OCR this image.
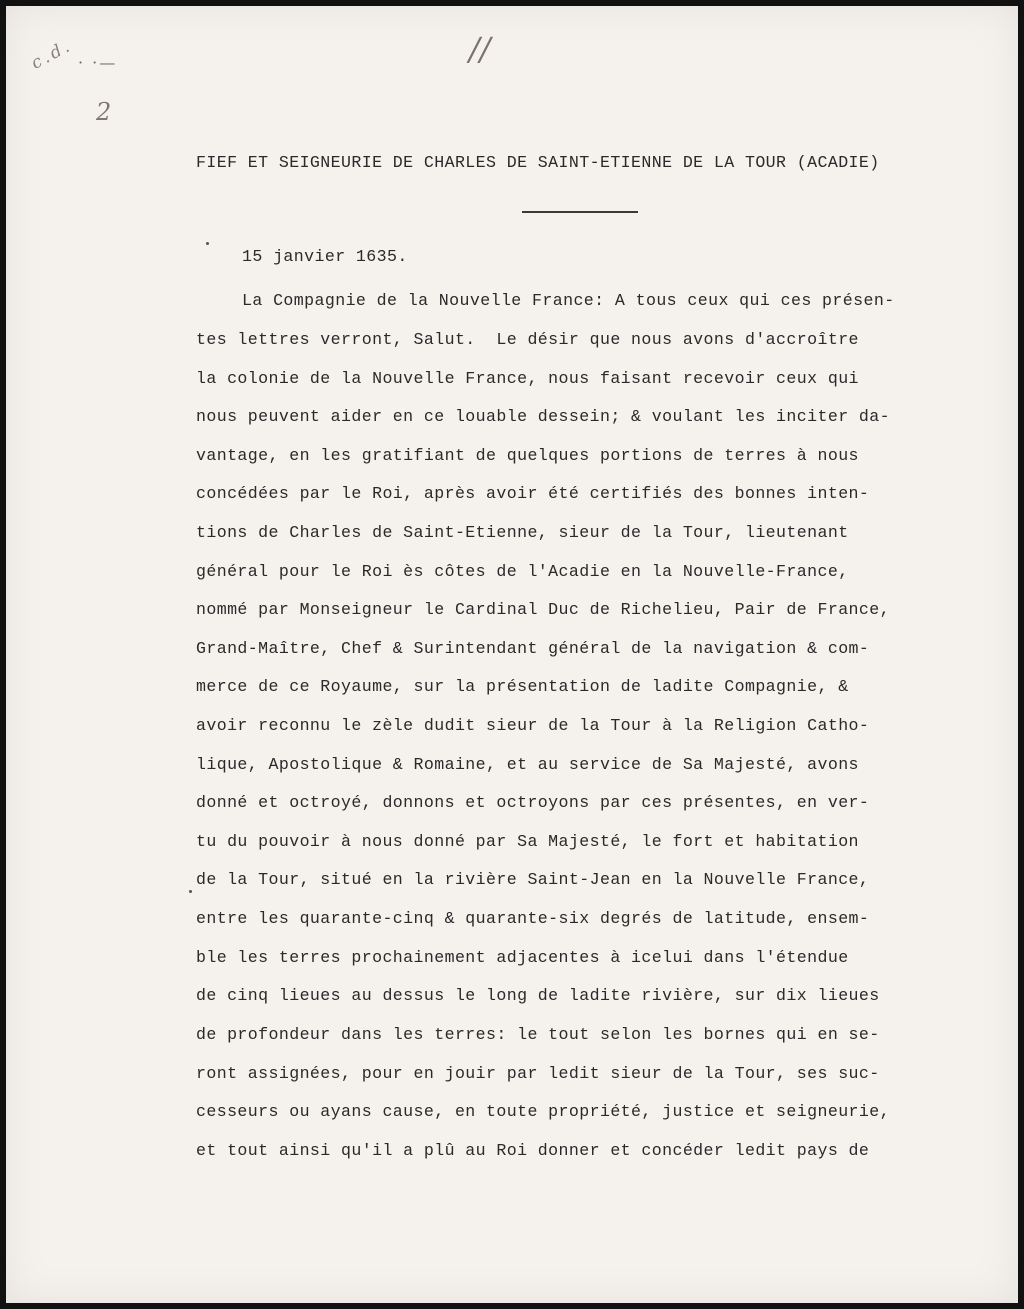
c.d. · ·—
2
//
FIEF ET SEIGNEURIE DE CHARLES DE SAINT-ETIENNE DE LA TOUR (ACADIE)
15 janvier 1635.
La Compagnie de la Nouvelle France: A tous ceux qui ces présen-
tes lettres verront, Salut.  Le désir que nous avons d'accroître
la colonie de la Nouvelle France, nous faisant recevoir ceux qui
nous peuvent aider en ce louable dessein; & voulant les inciter da-
vantage, en les gratifiant de quelques portions de terres à nous
concédées par le Roi, après avoir été certifiés des bonnes inten-
tions de Charles de Saint-Etienne, sieur de la Tour, lieutenant
général pour le Roi ès côtes de l'Acadie en la Nouvelle-France,
nommé par Monseigneur le Cardinal Duc de Richelieu, Pair de France,
Grand-Maître, Chef & Surintendant général de la navigation & com-
merce de ce Royaume, sur la présentation de ladite Compagnie, &
avoir reconnu le zèle dudit sieur de la Tour à la Religion Catho-
lique, Apostolique & Romaine, et au service de Sa Majesté, avons
donné et octroyé, donnons et octroyons par ces présentes, en ver-
tu du pouvoir à nous donné par Sa Majesté, le fort et habitation
de la Tour, situé en la rivière Saint-Jean en la Nouvelle France,
entre les quarante-cinq & quarante-six degrés de latitude, ensem-
ble les terres prochainement adjacentes à icelui dans l'étendue
de cinq lieues au dessus le long de ladite rivière, sur dix lieues
de profondeur dans les terres: le tout selon les bornes qui en se-
ront assignées, pour en jouir par ledit sieur de la Tour, ses suc-
cesseurs ou ayans cause, en toute propriété, justice et seigneurie,
et tout ainsi qu'il a plû au Roi donner et concéder ledit pays de
